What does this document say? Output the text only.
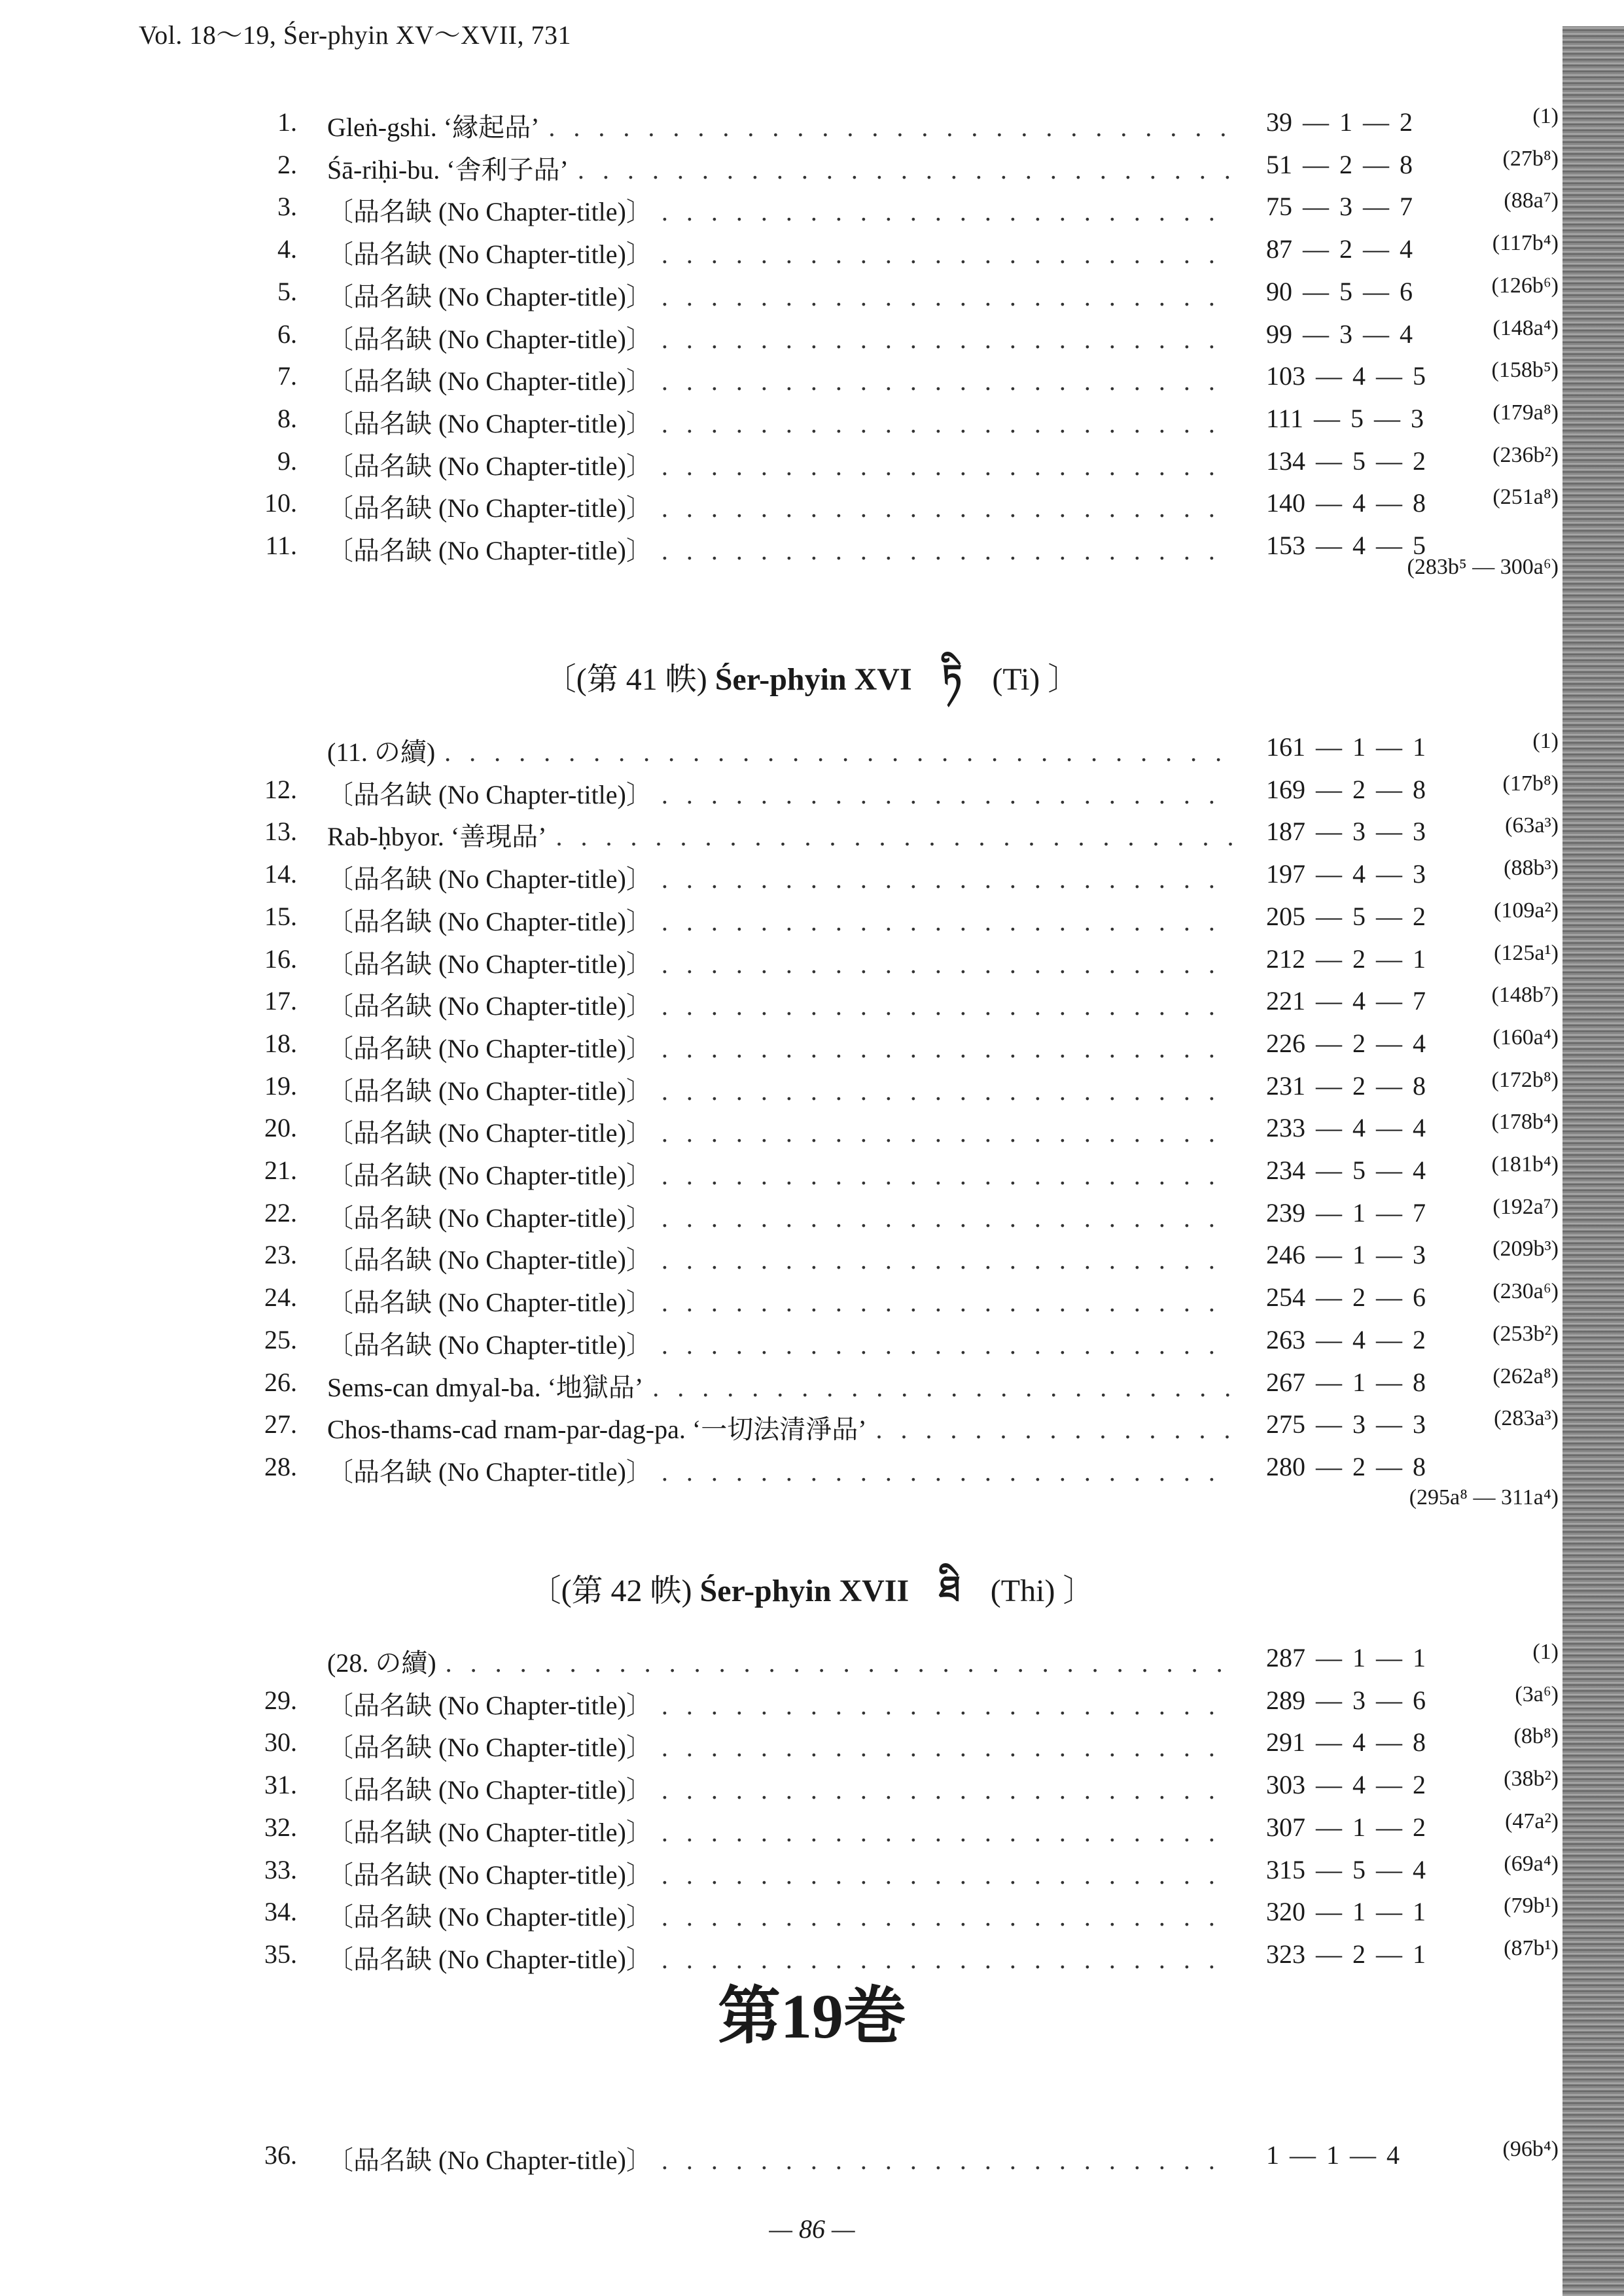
Vol. 18～19, Śer-phyin XV～XVII, 731
1. Gleṅ-gshi. ‘縁起品’ . . .	39 — 1 — 2	(1)
2. Śā-riḥi-bu. ‘舎利子品’ . . .	51 — 2 — 8	(27b⁸)
3. 〔品名缺 (No Chapter-title)〕 . . .	75 — 3 — 7	(88a⁷)
4. 〔品名缺 (No Chapter-title)〕 . . .	87 — 2 — 4	(117b⁴)
5. 〔品名缺 (No Chapter-title)〕 . . .	90 — 5 — 6	(126b⁶)
6. 〔品名缺 (No Chapter-title)〕 . . .	99 — 3 — 4	(148a⁴)
7. 〔品名缺 (No Chapter-title)〕 . . .	103 — 4 — 5	(158b⁵)
8. 〔品名缺 (No Chapter-title)〕 . . .	111 — 5 — 3	(179a⁸)
9. 〔品名缺 (No Chapter-title)〕 . . .	134 — 5 — 2	(236b²)
10. 〔品名缺 (No Chapter-title)〕 . . .	140 — 4 — 8	(251a⁸)
11. 〔品名缺 (No Chapter-title)〕 . . .	153 — 4 — 5
(283b⁵ — 300a⁶)
〔(第 41 帙) Śer-phyin XVI ཏི (Ti) 〕
(11. の續) . . .	161 — 1 — 1	(1)
12. 〔品名缺 (No Chapter-title)〕 . . .	169 — 2 — 8	(17b⁸)
13. Rab-ḥbyor. ‘善現品’ . . .	187 — 3 — 3	(63a³)
14. 〔品名缺 (No Chapter-title)〕 . . .	197 — 4 — 3	(88b³)
15. 〔品名缺 (No Chapter-title)〕 . . .	205 — 5 — 2	(109a²)
16. 〔品名缺 (No Chapter-title)〕 . . .	212 — 2 — 1	(125a¹)
17. 〔品名缺 (No Chapter-title)〕 . . .	221 — 4 — 7	(148b⁷)
18. 〔品名缺 (No Chapter-title)〕 . . .	226 — 2 — 4	(160a⁴)
19. 〔品名缺 (No Chapter-title)〕 . . .	231 — 2 — 8	(172b⁸)
20. 〔品名缺 (No Chapter-title)〕 . . .	233 — 4 — 4	(178b⁴)
21. 〔品名缺 (No Chapter-title)〕 . . .	234 — 5 — 4	(181b⁴)
22. 〔品名缺 (No Chapter-title)〕 . . .	239 — 1 — 7	(192a⁷)
23. 〔品名缺 (No Chapter-title)〕 . . .	246 — 1 — 3	(209b³)
24. 〔品名缺 (No Chapter-title)〕 . . .	254 — 2 — 6	(230a⁶)
25. 〔品名缺 (No Chapter-title)〕 . . .	263 — 4 — 2	(253b²)
26. Sems-can dmyal-ba. ‘地獄品’ . . .	267 — 1 — 8	(262a⁸)
27. Chos-thams-cad rnam-par-dag-pa. ‘一切法清淨品’ . . .	275 — 3 — 3	(283a³)
28. 〔品名缺 (No Chapter-title)〕 . . .	280 — 2 — 8
(295a⁸ — 311a⁴)
〔(第 42 帙) Śer-phyin XVII ཐི (Thi) 〕
(28. の續) . . .	287 — 1 — 1	(1)
29. 〔品名缺 (No Chapter-title)〕 . . .	289 — 3 — 6	(3a⁶)
30. 〔品名缺 (No Chapter-title)〕 . . .	291 — 4 — 8	(8b⁸)
31. 〔品名缺 (No Chapter-title)〕 . . .	303 — 4 — 2	(38b²)
32. 〔品名缺 (No Chapter-title)〕 . . .	307 — 1 — 2	(47a²)
33. 〔品名缺 (No Chapter-title)〕 . . .	315 — 5 — 4	(69a⁴)
34. 〔品名缺 (No Chapter-title)〕 . . .	320 — 1 — 1	(79b¹)
35. 〔品名缺 (No Chapter-title)〕 . . .	323 — 2 — 1	(87b¹)
第19巻
36. 〔品名缺 (No Chapter-title)〕 . . .	1 — 1 — 4	(96b⁴)
— 86 —
